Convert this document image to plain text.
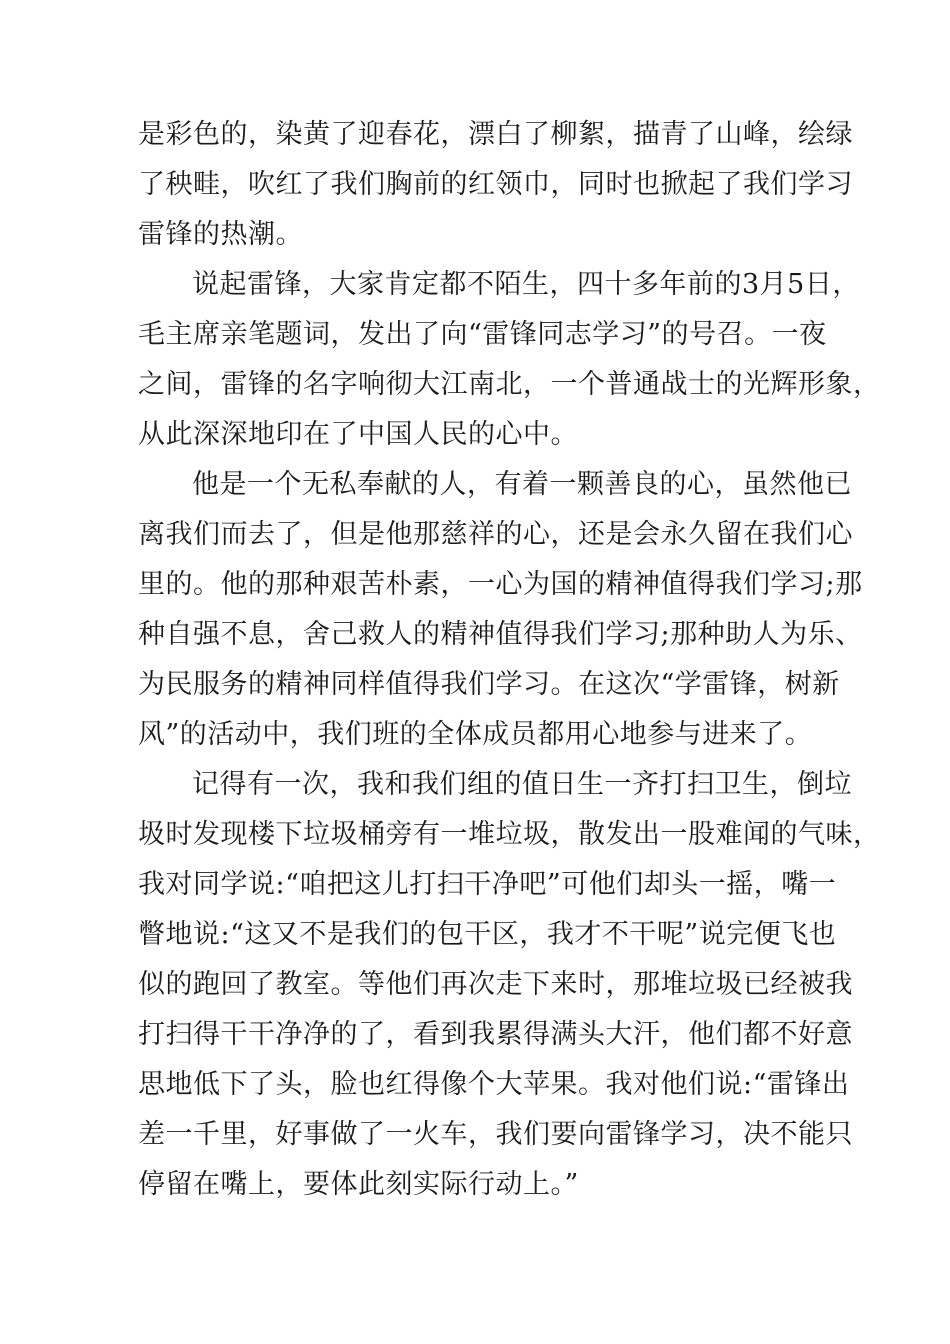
是彩色的，染黄了迎春花，漂白了柳絮，描青了山峰，绘绿
了秧畦，吹红了我们胸前的红领巾，同时也掀起了我们学习
雷锋的热潮。
说起雷锋，大家肯定都不陌生，四十多年前的3月5日，
毛主席亲笔题词，发出了向“雷锋同志学习”的号召。一夜
之间，雷锋的名字响彻大江南北，一个普通战士的光辉形象，
从此深深地印在了中国人民的心中。
他是一个无私奉献的人，有着一颗善良的心，虽然他已
离我们而去了，但是他那慈祥的心，还是会永久留在我们心
里的。他的那种艰苦朴素，一心为国的精神值得我们学习;那
种自强不息，舍己救人的精神值得我们学习;那种助人为乐、
为民服务的精神同样值得我们学习。在这次“学雷锋，树新
风”的活动中，我们班的全体成员都用心地参与进来了。
记得有一次，我和我们组的值日生一齐打扫卫生，倒垃
圾时发现楼下垃圾桶旁有一堆垃圾，散发出一股难闻的气味，
我对同学说:“咱把这儿打扫干净吧”可他们却头一摇，嘴一
瞥地说:“这又不是我们的包干区，我才不干呢”说完便飞也
似的跑回了教室。等他们再次走下来时，那堆垃圾已经被我
打扫得干干净净的了，看到我累得满头大汗，他们都不好意
思地低下了头，脸也红得像个大苹果。我对他们说:“雷锋出
差一千里，好事做了一火车，我们要向雷锋学习，决不能只
停留在嘴上，要体此刻实际行动上。”
